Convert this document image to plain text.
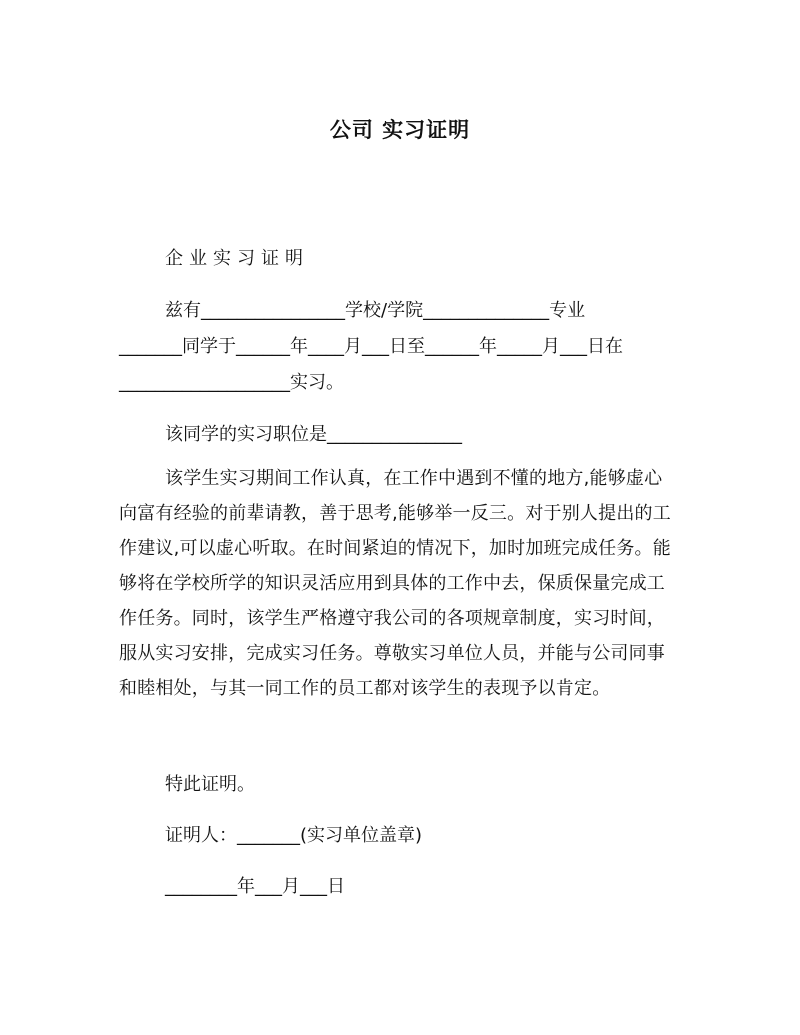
公司 实习证明
企业实习证明
兹有________________学校/学院______________专业
_______同学于______年____月___日至______年_____月___日在
___________________实习。
该同学的实习职位是_______________
该学生实习期间工作认真，在工作中遇到不懂的地方,能够虚心向富有经验的前辈请教，善于思考,能够举一反三。对于别人提出的工作建议,可以虚心听取。在时间紧迫的情况下，加时加班完成任务。能够将在学校所学的知识灵活应用到具体的工作中去，保质保量完成工作任务。同时，该学生严格遵守我公司的各项规章制度，实习时间，服从实习安排，完成实习任务。尊敬实习单位人员，并能与公司同事和睦相处，与其一同工作的员工都对该学生的表现予以肯定。
特此证明。
证明人：_______(实习单位盖章)
________年___月___日
